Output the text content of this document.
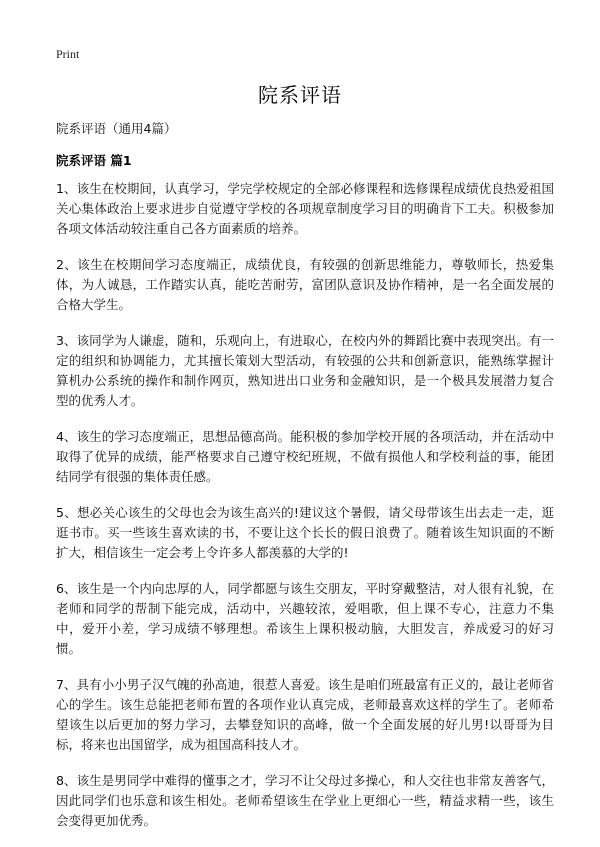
Print
院系评语
院系评语（通用4篇）
院系评语 篇1

1、该生在校期间，认真学习，学完学校规定的全部必修课程和选修课程成绩优良热爱祖国关心集体政治上要求进步自觉遵守学校的各项规章制度学习目的明确肯下工夫。积极参加各项文体活动较注重自己各方面素质的培养。

2、该生在校期间学习态度端正，成绩优良，有较强的创新思维能力，尊敬师长，热爱集体，为人诚恳，工作踏实认真，能吃苦耐劳，富团队意识及协作精神，是一名全面发展的合格大学生。

3、该同学为人谦虚，随和，乐观向上，有进取心，在校内外的舞蹈比赛中表现突出。有一定的组织和协调能力，尤其擅长策划大型活动，有较强的公共和创新意识，能熟练掌握计算机办公系统的操作和制作网页，熟知进出口业务和金融知识，是一个极具发展潜力复合型的优秀人才。

4、该生的学习态度端正，思想品德高尚。能积极的参加学校开展的各项活动，并在活动中取得了优异的成绩，能严格要求自己遵守校纪班规，不做有损他人和学校利益的事，能团结同学有很强的集体责任感。

5、想必关心该生的父母也会为该生高兴的!建议这个暑假，请父母带该生出去走一走，逛逛书市。买一些该生喜欢读的书，不要让这个长长的假日浪费了。随着该生知识面的不断扩大，相信该生一定会考上令许多人都羡慕的大学的!

6、该生是一个内向忠厚的人，同学都愿与该生交朋友，平时穿戴整洁，对人很有礼貌，在老师和同学的帮制下能完成，活动中，兴趣较浓，爱唱歌，但上课不专心，注意力不集中，爱开小差，学习成绩不够理想。希该生上课积极动脑，大胆发言，养成爱习的好习惯。

7、具有小小男子汉气魄的孙高迪，很惹人喜爱。该生是咱们班最富有正义的，最让老师省心的学生。该生总能把老师布置的各项作业认真完成，老师最喜欢这样的学生了。老师希望该生以后更加的努力学习，去攀登知识的高峰，做一个全面发展的好儿男!以哥哥为目标，将来也出国留学，成为祖国高科技人才。

8、该生是男同学中难得的懂事之才，学习不让父母过多操心，和人交往也非常友善客气，因此同学们也乐意和该生相处。老师希望该生在学业上更细心一些，精益求精一些，该生会变得更加优秀。
